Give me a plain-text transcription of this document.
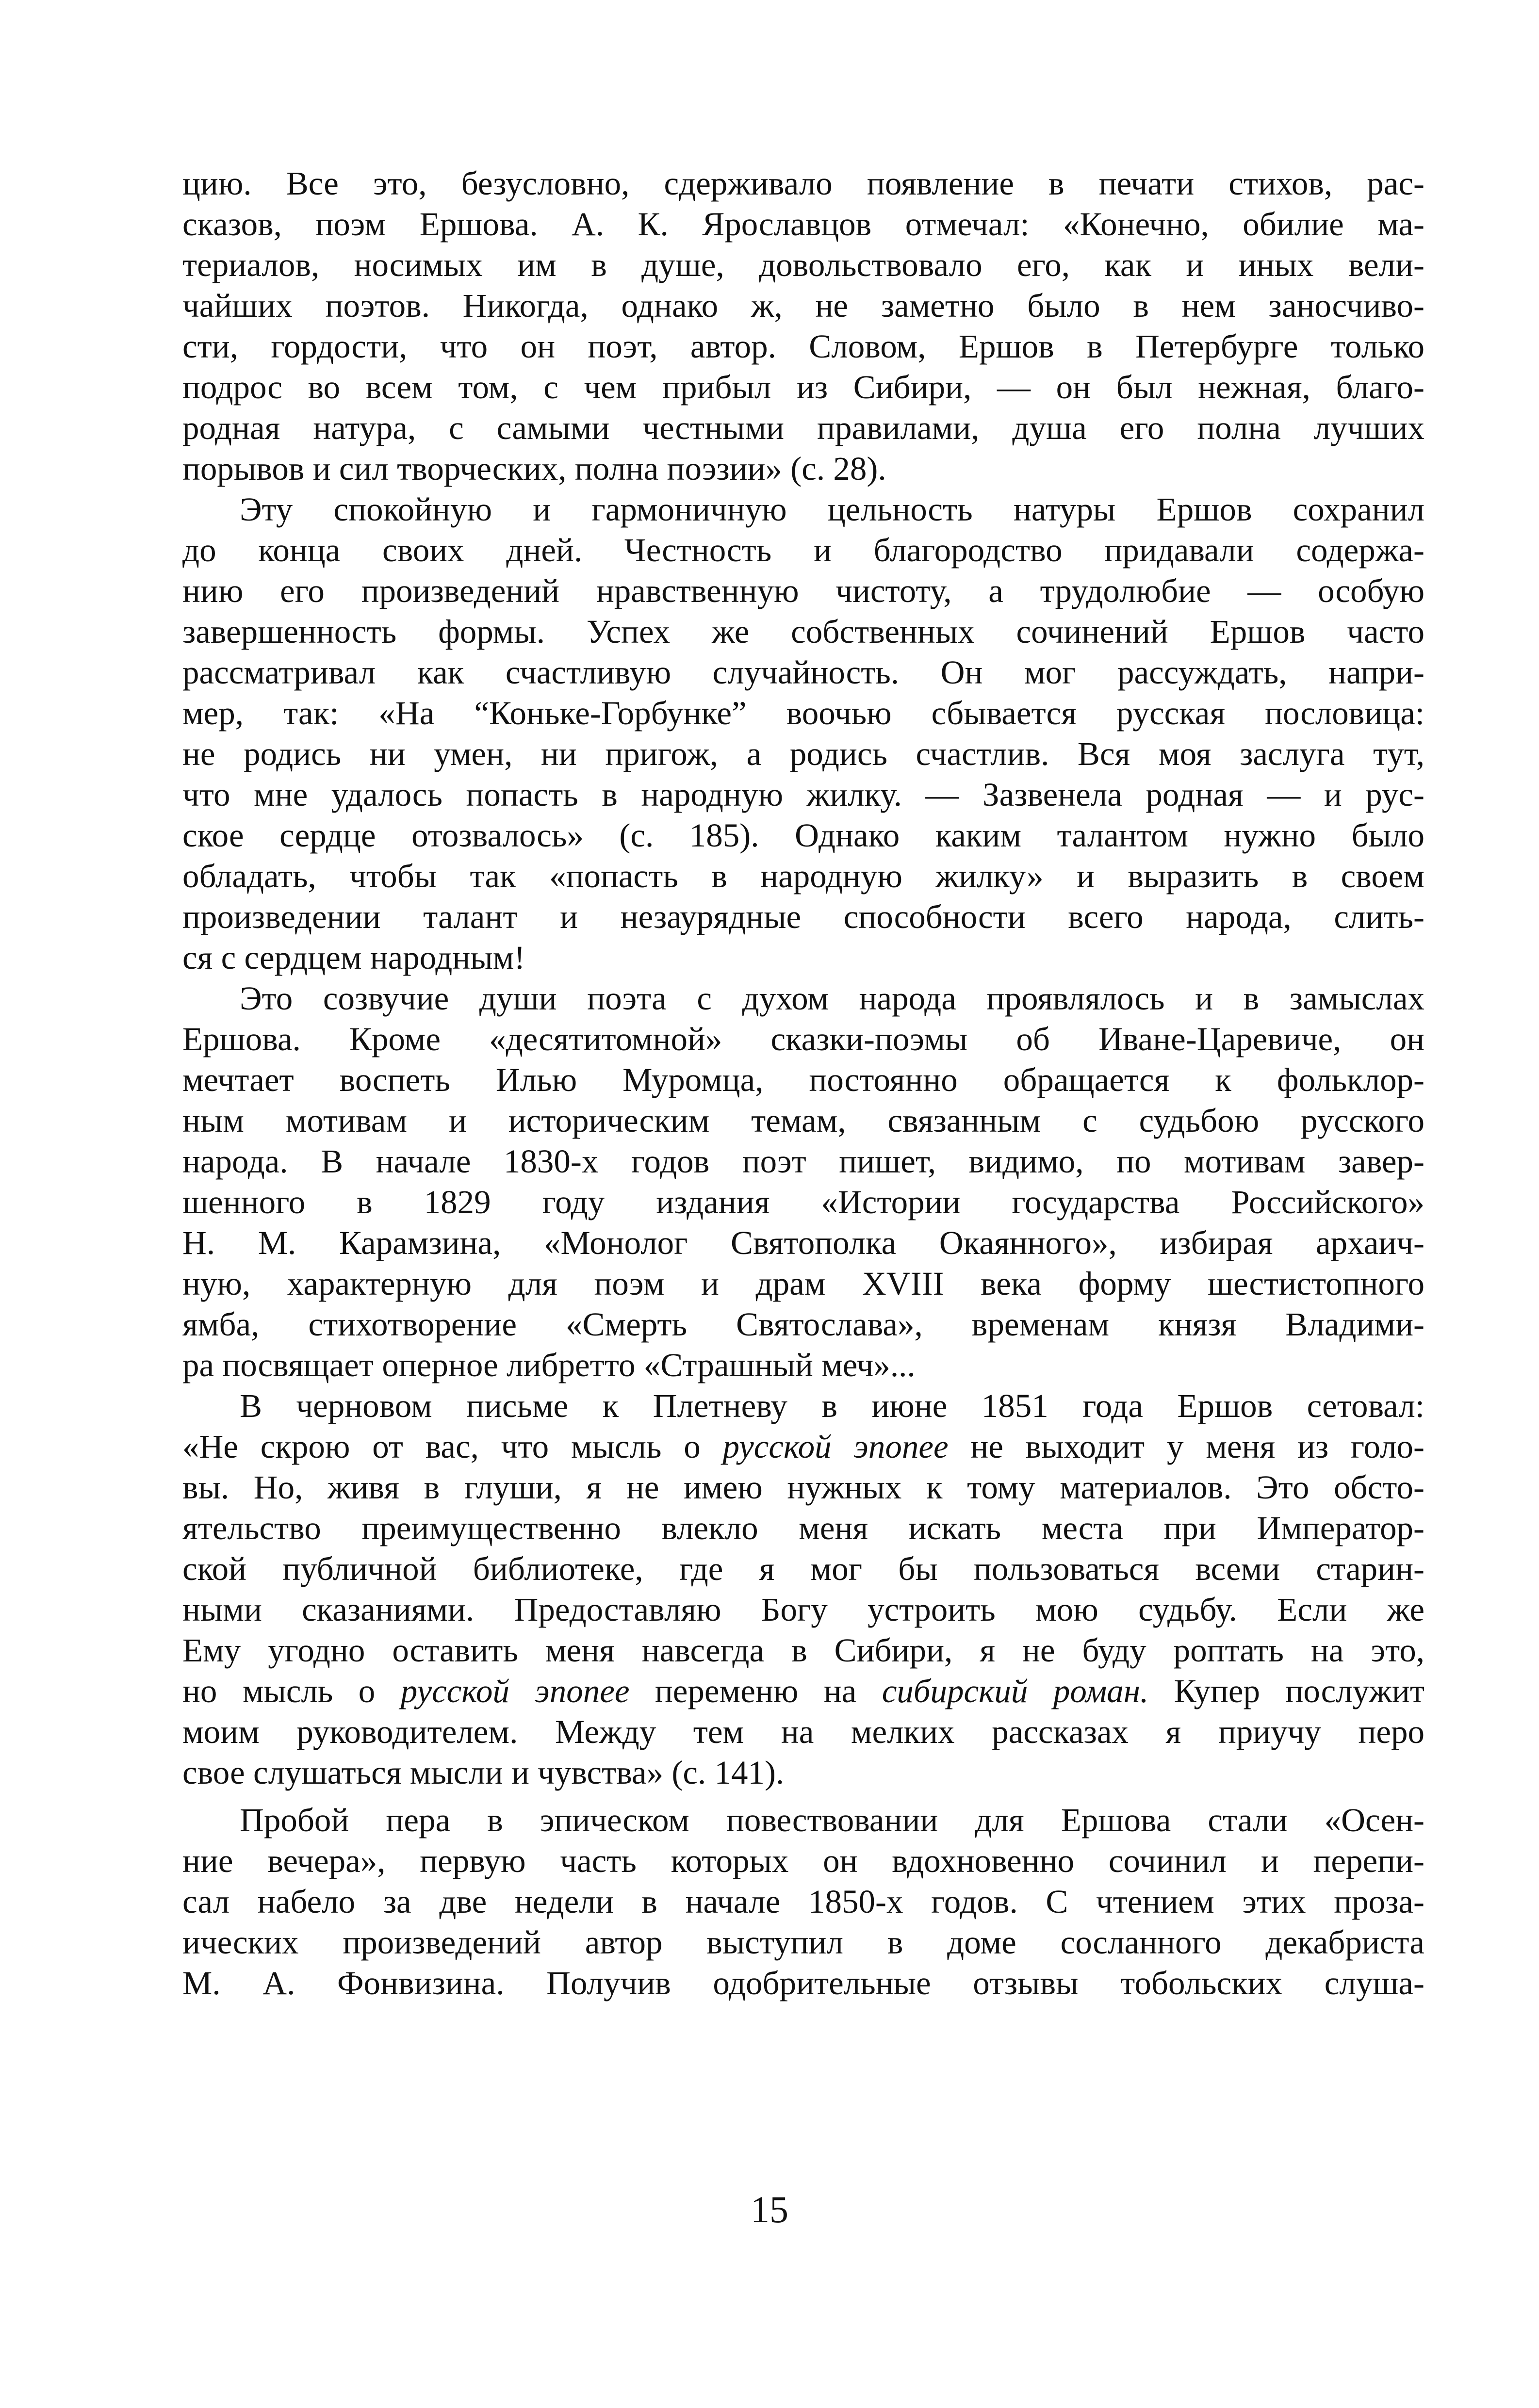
цию. Все это, безусловно, сдерживало появление в печати стихов, рас-
сказов, поэм Ершова. А. К. Ярославцов отмечал: «Конечно, обилие ма-
териалов, носимых им в душе, довольствовало его, как и иных вели-
чайших поэтов. Никогда, однако ж, не заметно было в нем заносчиво-
сти, гордости, что он поэт, автор. Словом, Ершов в Петербурге только
подрос во всем том, с чем прибыл из Сибири, — он был нежная, благо-
родная натура, с самыми честными правилами, душа его полна лучших
порывов и сил творческих, полна поэзии» (с. 28).
Эту спокойную и гармоничную цельность натуры Ершов сохранил
до конца своих дней. Честность и благородство придавали содержа-
нию его произведений нравственную чистоту, а трудолюбие — особую
завершенность формы. Успех же собственных сочинений Ершов часто
рассматривал как счастливую случайность. Он мог рассуждать, напри-
мер, так: «На “Коньке-Горбунке” воочью сбывается русская пословица:
не родись ни умен, ни пригож, а родись счастлив. Вся моя заслуга тут,
что мне удалось попасть в народную жилку. — Зазвенела родная — и рус-
ское сердце отозвалось» (с. 185). Однако каким талантом нужно было
обладать, чтобы так «попасть в народную жилку» и выразить в своем
произведении талант и незаурядные способности всего народа, слить-
ся с сердцем народным!
Это созвучие души поэта с духом народа проявлялось и в замыслах
Ершова. Кроме «десятитомной» сказки-поэмы об Иване-Царевиче, он
мечтает воспеть Илью Муромца, постоянно обращается к фольклор-
ным мотивам и историческим темам, связанным с судьбою русского
народа. В начале 1830-х годов поэт пишет, видимо, по мотивам завер-
шенного в 1829 году издания «Истории государства Российского»
Н. М. Карамзина, «Монолог Святополка Окаянного», избирая архаич-
ную, характерную для поэм и драм XVIII века форму шестистопного
ямба, стихотворение «Смерть Святослава», временам князя Владими-
ра посвящает оперное либретто «Страшный меч»...
В черновом письме к Плетневу в июне 1851 года Ершов сетовал:
«Не скрою от вас, что мысль о русской эпопее не выходит у меня из голо-
вы. Но, живя в глуши, я не имею нужных к тому материалов. Это обсто-
ятельство преимущественно влекло меня искать места при Император-
ской публичной библиотеке, где я мог бы пользоваться всеми старин-
ными сказаниями. Предоставляю Богу устроить мою судьбу. Если же
Ему угодно оставить меня навсегда в Сибири, я не буду роптать на это,
но мысль о русской эпопее переменю на сибирский роман. Купер послужит
моим руководителем. Между тем на мелких рассказах я приучу перо
свое слушаться мысли и чувства» (с. 141).
Пробой пера в эпическом повествовании для Ершова стали «Осен-
ние вечера», первую часть которых он вдохновенно сочинил и перепи-
сал набело за две недели в начале 1850-х годов. С чтением этих проза-
ических произведений автор выступил в доме сосланного декабриста
М. А. Фонвизина. Получив одобрительные отзывы тобольских слуша-
15
